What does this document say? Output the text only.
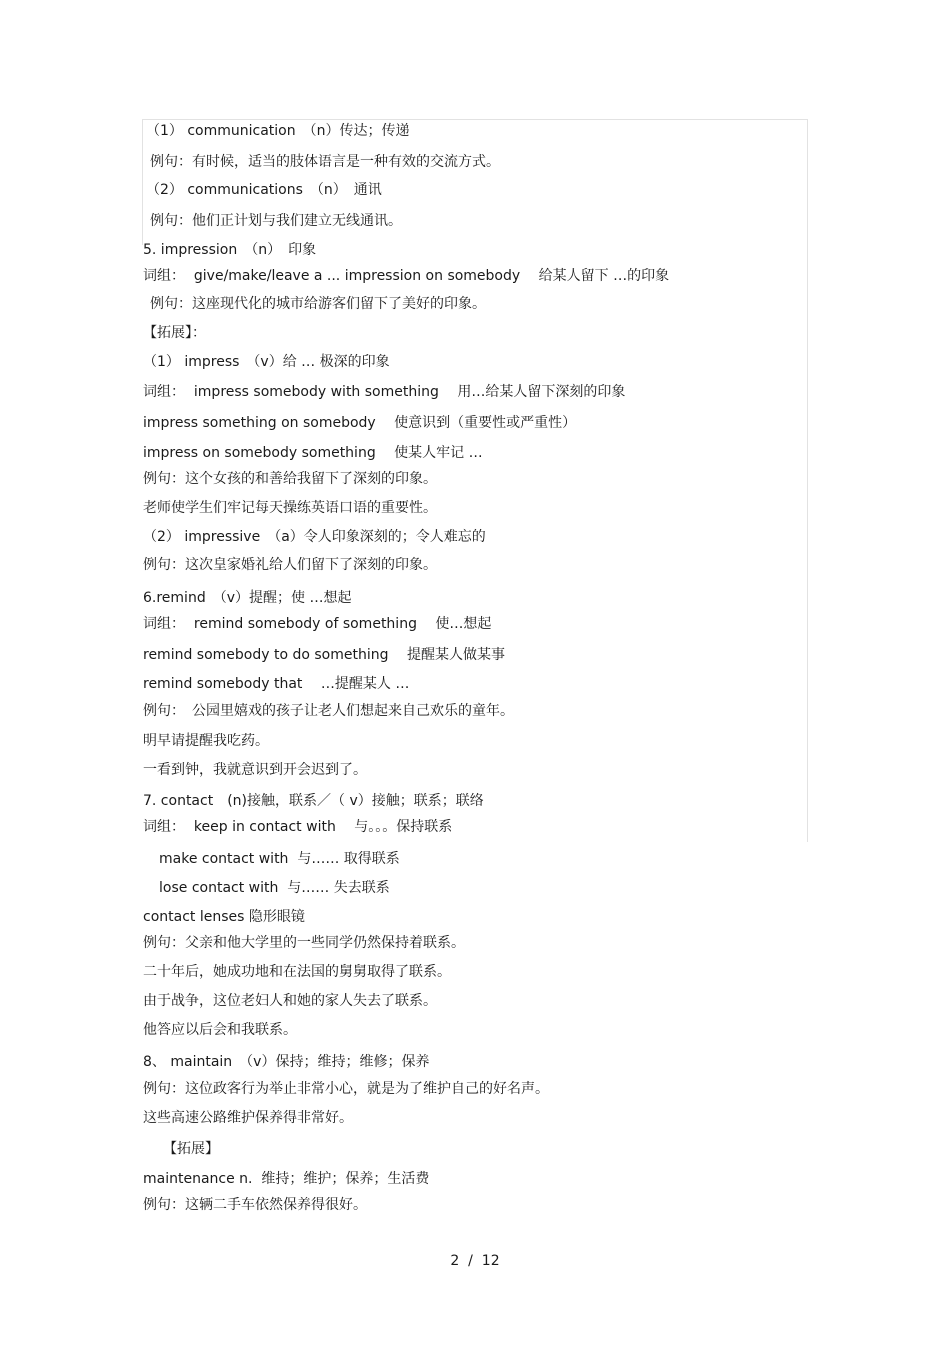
（1） communication　（n）传达；传递
例句：有时候，适当的肢体语言是一种有效的交流方式。
（2） communications　（n）　通讯
例句：他们正计划与我们建立无线通讯。
5. impression　（n）　印象
词组：  give/make/leave a ... impression on somebody　 给某人留下 …的印象
例句：这座现代化的城市给游客们留下了美好的印象。
【拓展】：
（1） impress　（v）给 … 极深的印象
词组：  impress somebody with something　 用…给某人留下深刻的印象
impress something on somebody　 使意识到（重要性或严重性）
impress on somebody something　 使某人牢记 …
例句：这个女孩的和善给我留下了深刻的印象。
老师使学生们牢记每天操练英语口语的重要性。
（2） impressive　（a）令人印象深刻的；令人难忘的
例句：这次皇家婚礼给人们留下了深刻的印象。
6.remind　（v）提醒；使 …想起
词组：  remind somebody of something　 使…想起
remind somebody to do something　 提醒某人做某事
remind somebody that　 …提醒某人 …
例句：　公园里嬉戏的孩子让老人们想起来自己欢乐的童年。
明早请提醒我吃药。
一看到钟，我就意识到开会迟到了。
7. contact　(n)接触，联系／（ v）接触；联系；联络
词组：  keep in contact with　 与。。。保持联系
make contact with  与…… 取得联系
lose contact with  与…… 失去联系
contact lenses 隐形眼镜
例句：父亲和他大学里的一些同学仍然保持着联系。
二十年后，她成功地和在法国的舅舅取得了联系。
由于战争，这位老妇人和她的家人失去了联系。
他答应以后会和我联系。
8、 maintain　（v）保持；维持；维修；保养
例句：这位政客行为举止非常小心，就是为了维护自己的好名声。
这些高速公路维护保养得非常好。
【拓展】
maintenance n.  维持；维护；保养；生活费
例句：这辆二手车依然保养得很好。
2  /  12
